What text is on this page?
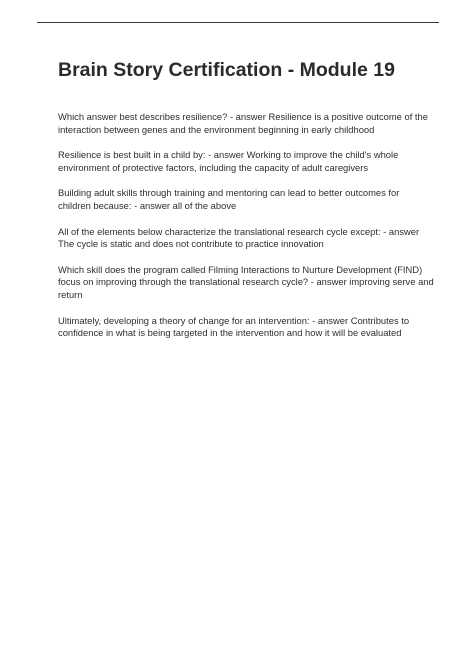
Brain Story Certification - Module 19

Which answer best describes resilience? - answer Resilience is a positive outcome of the interaction between genes and the environment beginning in early childhood

Resilience is best built in a child by: - answer Working to improve the child's whole environment of protective factors, including the capacity of adult caregivers

Building adult skills through training and mentoring can lead to better outcomes for children because: - answer all of the above

All of the elements below characterize the translational research cycle except: - answer The cycle is static and does not contribute to practice innovation

Which skill does the program called Filming Interactions to Nurture Development (FIND) focus on improving through the translational research cycle? - answer improving serve and return

Ultimately, developing a theory of change for an intervention: - answer Contributes to confidence in what is being targeted in the intervention and how it will be evaluated
